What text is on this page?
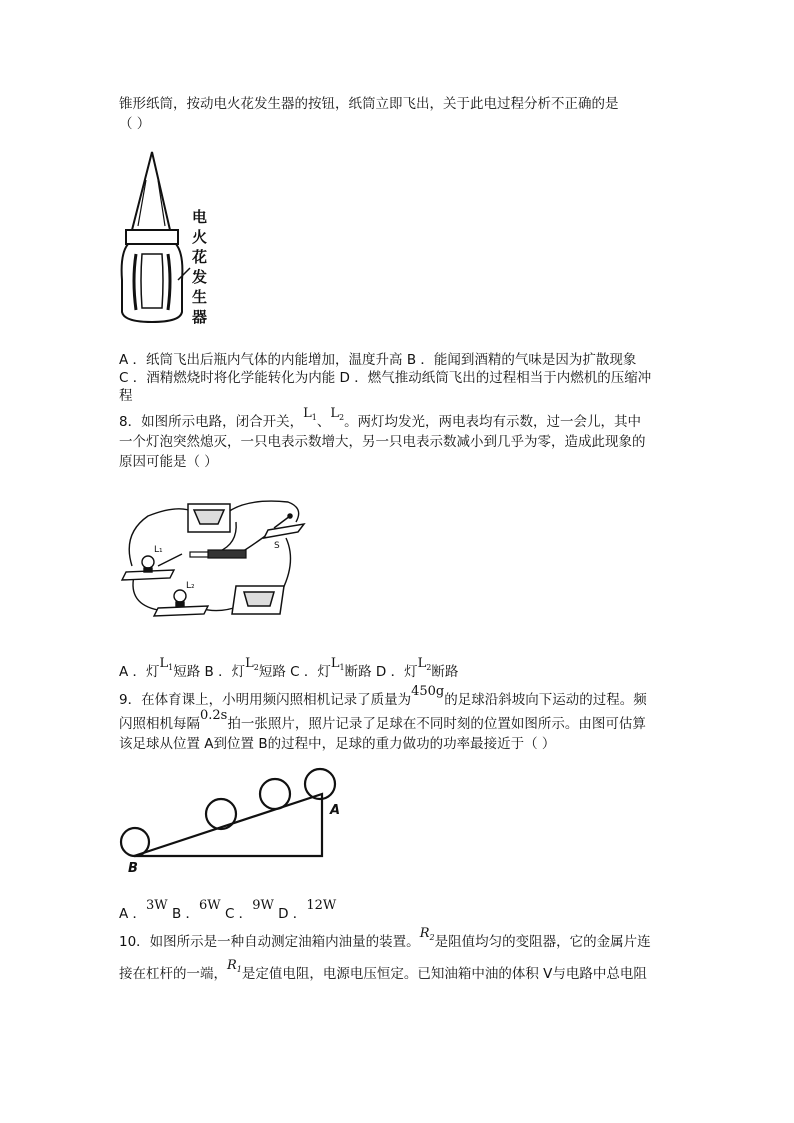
锥形纸筒，按动电火花发生器的按钮，纸筒立即飞出，关于此电过程分析不正确的是
（ ）
电
火
花
发
生
器
A ．纸筒飞出后瓶内气体的内能增加，温度升高 B ．能闻到酒精的气味是因为扩散现象
C ．酒精燃烧时将化学能转化为内能 D ．燃气推动纸筒飞出的过程相当于内燃机的压缩冲
程
8．如图所示电路，闭合开关，$L_1$、$L_2$。两灯均发光，两电表均有示数，过一会儿，其中
一个灯泡突然熄灭，一只电表示数增大，另一只电表示数减小到几乎为零，造成此现象的
原因可能是（ ）
S
L₁
L₂
A ．灯$L_1$短路 B ．灯$L_2$短路 C ．灯$L_1$断路 D ．灯$L_2$断路
9．在体育课上，小明用频闪照相机记录了质量为450g的足球沿斜坡向下运动的过程。频
闪照相机每隔0.2s拍一张照片，照片记录了足球在不同时刻的位置如图所示。由图可估算
该足球从位置 A到位置 B的过程中，足球的重力做功的功率最接近于（ ）
A
B
A ．3W B ．6W C ．9W D ．12W
10．如图所示是一种自动测定油箱内油量的装置。$R_2$是阻值均匀的变阻器，它的金属片连
接在杠杆的一端，$R_1$是定值电阻，电源电压恒定。已知油箱中油的体积 V与电路中总电阻
